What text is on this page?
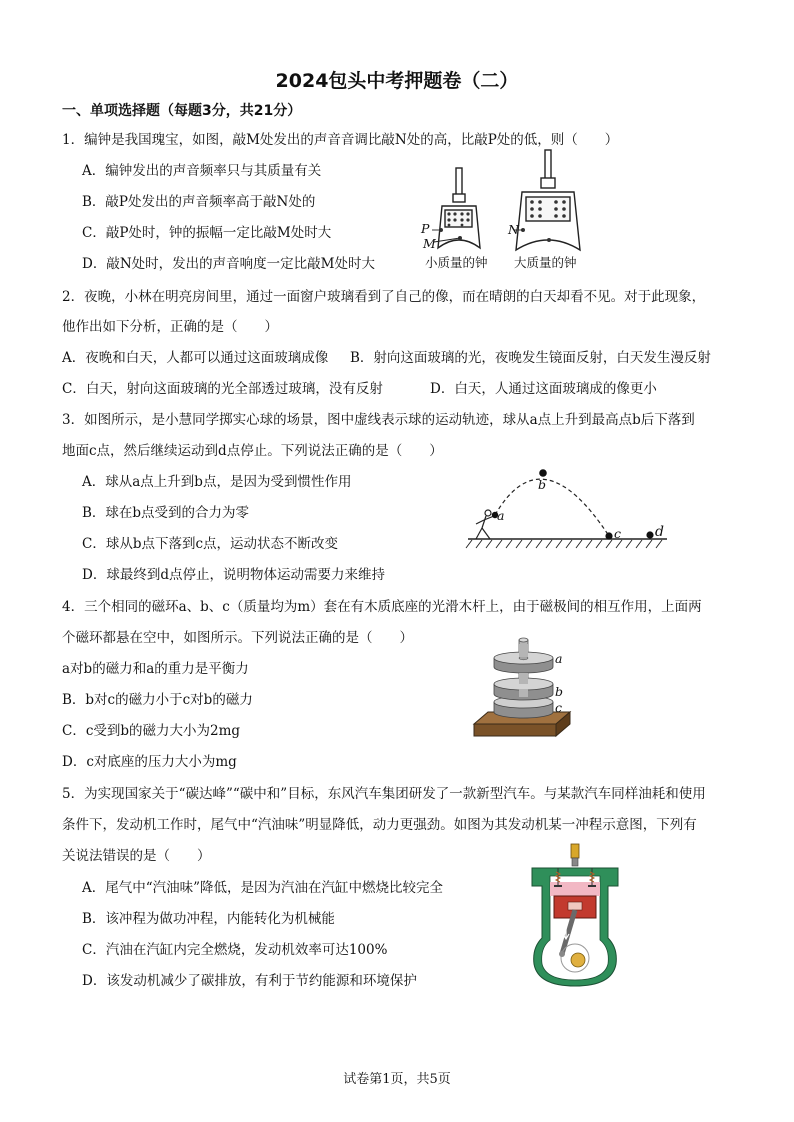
2024包头中考押题卷（二）
一、单项选择题（每题3分，共21分）
1．编钟是我国瑰宝，如图，敲M处发出的声音音调比敲N处的高，比敲P处的低，则（　　）
A．编钟发出的声音频率只与其质量有关
B．敲P处发出的声音频率高于敲N处的
C．敲P处时，钟的振幅一定比敲M处时大
D．敲N处时，发出的声音响度一定比敲M处时大
P
M
N
小质量的钟 大质量的钟
2．夜晚，小林在明亮房间里，通过一面窗户玻璃看到了自己的像，而在晴朗的白天却看不见。对于此现象，
他作出如下分析，正确的是（　　）
A．夜晚和白天，人都可以通过这面玻璃成像 B．射向这面玻璃的光，夜晚发生镜面反射，白天发生漫反射
C．白天，射向这面玻璃的光全部透过玻璃，没有反射	D．白天，人通过这面玻璃成的像更小
3．如图所示，是小慧同学掷实心球的场景，图中虚线表示球的运动轨迹，球从a点上升到最高点b后下落到
地面c点，然后继续运动到d点停止。下列说法正确的是（　　）
A．球从a点上升到b点，是因为受到惯性作用
B．球在b点受到的合力为零
C．球从b点下落到c点，运动状态不断改变
D．球最终到d点停止，说明物体运动需要力来维持
a
b
c d
4．三个相同的磁环a、b、c（质量均为m）套在有木质底座的光滑木杆上，由于磁极间的相互作用，上面两
个磁环都悬在空中，如图所示。下列说法正确的是（　　）
a对b的磁力和a的重力是平衡力
B．b对c的磁力小于c对b的磁力
C．c受到b的磁力大小为2mg
D．c对底座的压力大小为mg
a
b
c
5．为实现国家关于“碳达峰”“碳中和”目标，东风汽车集团研发了一款新型汽车。与某款汽车同样油耗和使用
条件下，发动机工作时，尾气中“汽油味”明显降低，动力更强劲。如图为其发动机某一冲程示意图，下列有
关说法错误的是（　　）
A．尾气中“汽油味”降低，是因为汽油在汽缸中燃烧比较完全
B．该冲程为做功冲程，内能转化为机械能
C．汽油在汽缸内完全燃烧，发动机效率可达100%
D．该发动机减少了碳排放，有利于节约能源和环境保护
试卷第1页，共5页
